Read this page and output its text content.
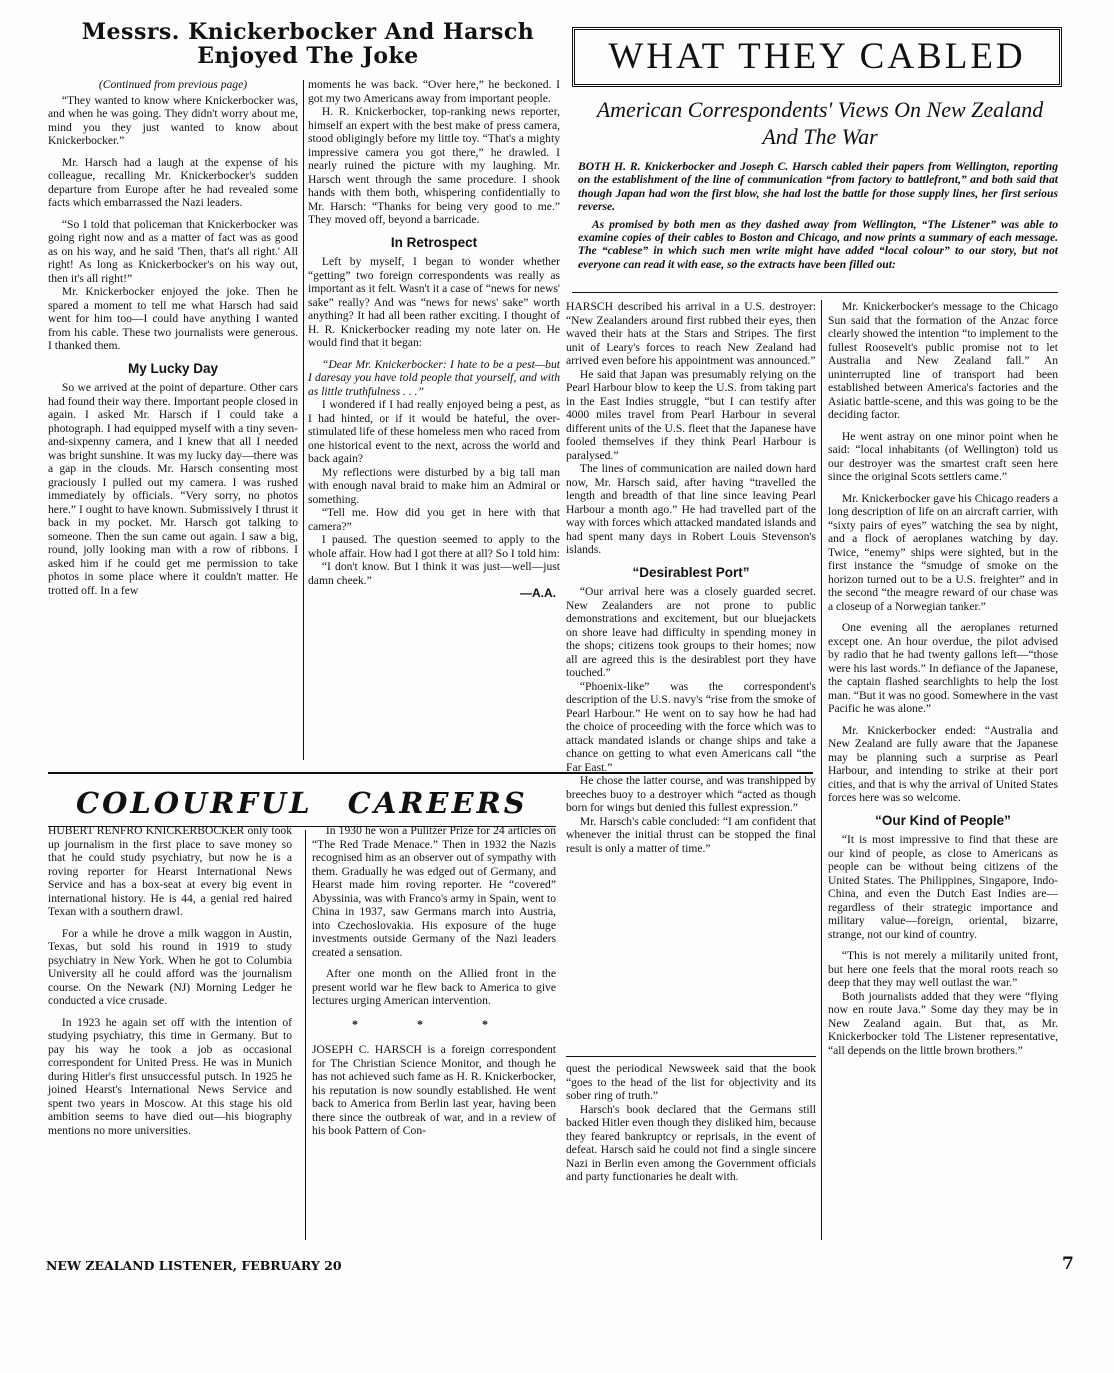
Messrs. Knickerbocker And Harsch Enjoyed The Joke

(Continued from previous page)

“They wanted to know where Knickerbocker was, and when he was going. They didn't worry about me, mind you they just wanted to know about Knickerbocker.”

Mr. Harsch had a laugh at the expense of his colleague, recalling Mr. Knickerbocker's sudden departure from Europe after he had revealed some facts which embarrassed the Nazi leaders.

“So I told that policeman that Knickerbocker was going right now and as a matter of fact was as good as on his way, and he said 'Then, that's all right.' All right! As long as Knickerbocker's on his way out, then it's all right!”

Mr. Knickerbocker enjoyed the joke. Then he spared a moment to tell me what Harsch had said went for him too—I could have anything I wanted from his cable. These two journalists were generous. I thanked them.

My Lucky Day

So we arrived at the point of departure. Other cars had found their way there. Important people closed in again. I asked Mr. Harsch if I could take a photograph. I had equipped myself with a tiny seven-and-sixpenny camera, and I knew that all I needed was bright sunshine. It was my lucky day—there was a gap in the clouds. Mr. Harsch consenting most graciously I pulled out my camera. I was rushed immediately by officials. “Very sorry, no photos here.” I ought to have known. Submissively I thrust it back in my pocket. Mr. Harsch got talking to someone. Then the sun came out again. I saw a big, round, jolly looking man with a row of ribbons. I asked him if he could get me permission to take photos in some place where it couldn't matter. He trotted off. In a few

moments he was back. “Over here,” he beckoned. I got my two Americans away from important people.

H. R. Knickerbocker, top-ranking news reporter, himself an expert with the best make of press camera, stood obligingly before my little toy. “That's a mighty impressive camera you got there,” he drawled. I nearly ruined the picture with my laughing. Mr. Harsch went through the same procedure. I shook hands with them both, whispering confidentially to Mr. Harsch: “Thanks for being very good to me.” They moved off, beyond a barricade.

In Retrospect

Left by myself, I began to wonder whether “getting” two foreign correspondents was really as important as it felt. Wasn't it a case of “news for news' sake” really? And was “news for news' sake” worth anything? It had all been rather exciting. I thought of H. R. Knickerbocker reading my note later on. He would find that it began:

“Dear Mr. Knickerbocker: I hate to be a pest—but I daresay you have told people that yourself, and with as little truthfulness . . .”

I wondered if I had really enjoyed being a pest, as I had hinted, or if it would be hateful, the over-stimulated life of these homeless men who raced from one historical event to the next, across the world and back again?

My reflections were disturbed by a big tall man with enough naval braid to make him an Admiral or something.

“Tell me. How did you get in here with that camera?”

I paused. The question seemed to apply to the whole affair. How had I got there at all? So I told him:

“I don't know. But I think it was just—well—just damn cheek.”

—A.A.
COLOURFUL CAREERS

HUBERT RENFRO KNICKERBOCKER only took up journalism in the first place to save money so that he could study psychiatry, but now he is a roving reporter for Hearst International News Service and has a box-seat at every big event in international history. He is 44, a genial red haired Texan with a southern drawl.

For a while he drove a milk waggon in Austin, Texas, but sold his round in 1919 to study psychiatry in New York. When he got to Columbia University all he could afford was the journalism course. On the Newark (NJ) Morning Ledger he conducted a vice crusade.

In 1923 he again set off with the intention of studying psychiatry, this time in Germany. But to pay his way he took a job as occasional correspondent for United Press. He was in Munich during Hitler's first unsuccessful putsch. In 1925 he joined Hearst's International News Service and spent two years in Moscow. At this stage his old ambition seems to have died out—his biography mentions no more universities.

In 1930 he won a Pulitzer Prize for 24 articles on “The Red Trade Menace.” Then in 1932 the Nazis recognised him as an observer out of sympathy with them. Gradually he was edged out of Germany, and Hearst made him roving reporter. He “covered” Abyssinia, was with Franco's army in Spain, went to China in 1937, saw Germans march into Austria, into Czechoslovakia. His exposure of the huge investments outside Germany of the Nazi leaders created a sensation.

After one month on the Allied front in the present world war he flew back to America to give lectures urging American intervention.

* * *

JOSEPH C. HARSCH is a foreign correspondent for The Christian Science Monitor, and though he has not achieved such fame as H. R. Knickerbocker, his reputation is now soundly established. He went back to America from Berlin last year, having been there since the outbreak of war, and in a review of his book Pattern of Con-

quest the periodical Newsweek said that the book “goes to the head of the list for objectivity and its sober ring of truth.”

Harsch's book declared that the Germans still backed Hitler even though they disliked him, because they feared bankruptcy or reprisals, in the event of defeat. Harsch said he could not find a single sincere Nazi in Berlin even among the Government officials and party functionaries he dealt with.

WHAT THEY CABLED
American Correspondents' Views On New Zealand And The War

BOTH H. R. Knickerbocker and Joseph C. Harsch cabled their papers from Wellington, reporting on the establishment of the line of communication “from factory to battlefront,” and both said that though Japan had won the first blow, she had lost the battle for those supply lines, her first serious reverse.

As promised by both men as they dashed away from Wellington, “The Listener” was able to examine copies of their cables to Boston and Chicago, and now prints a summary of each message. The “cablese” in which such men write might have added “local colour” to our story, but not everyone can read it with ease, so the extracts have been filled out:

HARSCH described his arrival in a U.S. destroyer: “New Zealanders around first rubbed their eyes, then waved their hats at the Stars and Stripes. The first unit of Leary's forces to reach New Zealand had arrived even before his appointment was announced.”

He said that Japan was presumably relying on the Pearl Harbour blow to keep the U.S. from taking part in the East Indies struggle, “but I can testify after 4000 miles travel from Pearl Harbour in several different units of the U.S. fleet that the Japanese have fooled themselves if they think Pearl Harbour is paralysed.”

The lines of communication are nailed down hard now, Mr. Harsch said, after having “travelled the length and breadth of that line since leaving Pearl Harbour a month ago.” He had travelled part of the way with forces which attacked mandated islands and had spent many days in Robert Louis Stevenson's islands.

“Desirablest Port”

“Our arrival here was a closely guarded secret. New Zealanders are not prone to public demonstrations and excitement, but our bluejackets on shore leave had difficulty in spending money in the shops; citizens took groups to their homes; now all are agreed this is the desirablest port they have touched.”

“Phoenix-like” was the correspondent's description of the U.S. navy's “rise from the smoke of Pearl Harbour.” He went on to say how he had had the choice of proceeding with the force which was to attack mandated islands or change ships and take a chance on getting to what even Americans call “the Far East.”

He chose the latter course, and was transhipped by breeches buoy to a destroyer which “acted as though born for wings but denied this fullest expression.”

Mr. Harsch's cable concluded: “I am confident that whenever the initial thrust can be stopped the final result is only a matter of time.”

Mr. Knickerbocker's message to the Chicago Sun said that the formation of the Anzac force clearly showed the intention “to implement to the fullest Roosevelt's public promise not to let Australia and New Zealand fall.” An uninterrupted line of transport had been established between America's factories and the Asiatic battle-scene, and this was going to be the deciding factor.

He went astray on one minor point when he said: “local inhabitants (of Wellington) told us our destroyer was the smartest craft seen here since the original Scots settlers came.”

Mr. Knickerbocker gave his Chicago readers a long description of life on an aircraft carrier, with “sixty pairs of eyes” watching the sea by night, and a flock of aeroplanes watching by day. Twice, “enemy” ships were sighted, but in the first instance the “smudge of smoke on the horizon turned out to be a U.S. freighter” and in the second “the meagre reward of our chase was a closeup of a Norwegian tanker.”

One evening all the aeroplanes returned except one. An hour overdue, the pilot advised by radio that he had twenty gallons left—“those were his last words.” In defiance of the Japanese, the captain flashed searchlights to help the lost man. “But it was no good. Somewhere in the vast Pacific he was alone.”

Mr. Knickerbocker ended: “Australia and New Zealand are fully aware that the Japanese may be planning such a surprise as Pearl Harbour, and intending to strike at their port cities, and that is why the arrival of United States forces here was so welcome.

“Our Kind of People”

“It is most impressive to find that these are our kind of people, as close to Americans as people can be without being citizens of the United States. The Philippines, Singapore, Indo-China, and even the Dutch East Indies are—regardless of their strategic importance and military value—foreign, oriental, bizarre, strange, not our kind of country.

“This is not merely a militarily united front, but here one feels that the moral roots reach so deep that they may well outlast the war.”

Both journalists added that they were “flying now en route Java.” Some day they may be in New Zealand again. But that, as Mr. Knickerbocker told The Listener representative, “all depends on the little brown brothers.”

NEW ZEALAND LISTENER, FEBRUARY 20	7
